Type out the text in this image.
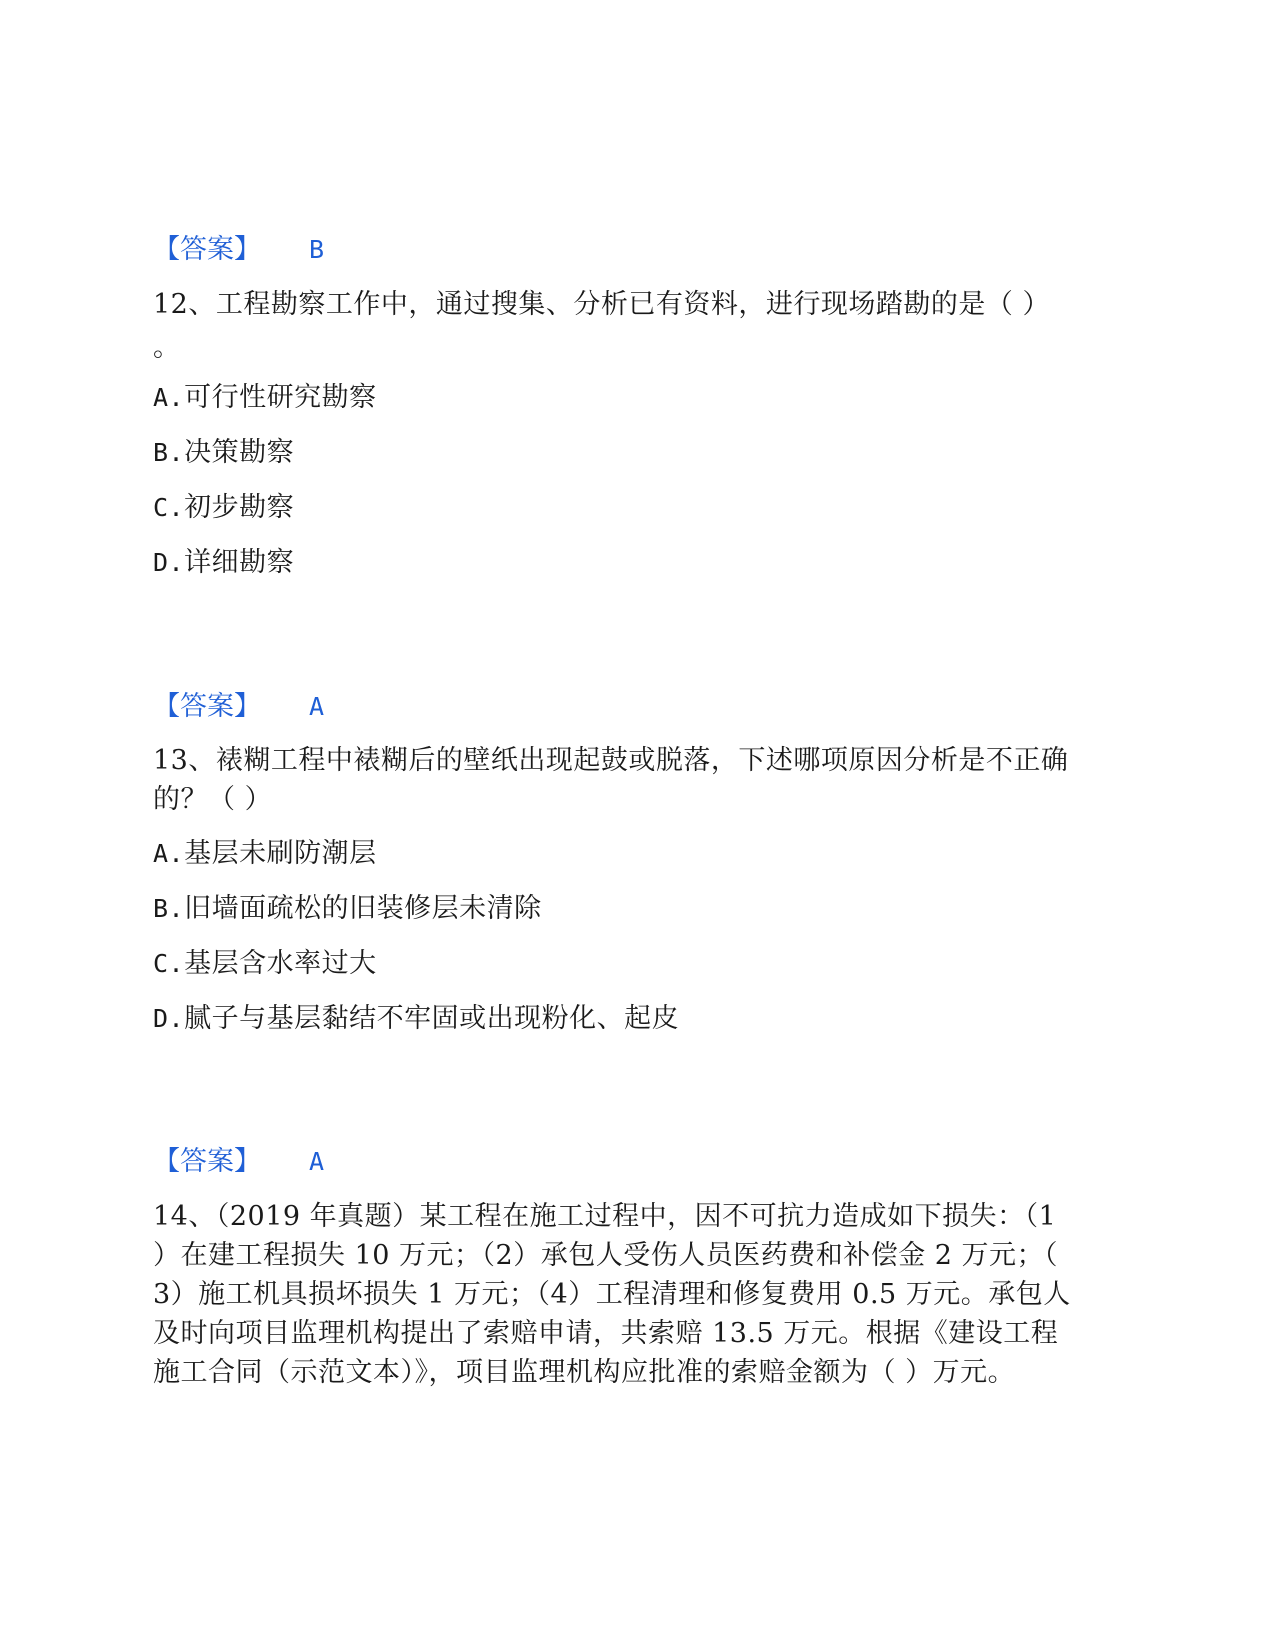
【答案】 B
12、工程勘察工作中，通过搜集、分析已有资料，进行现场踏勘的是（ ）
。
A.可行性研究勘察
B.决策勘察
C.初步勘察
D.详细勘察
【答案】 A
13、裱糊工程中裱糊后的壁纸出现起鼓或脱落，下述哪项原因分析是不正确
的？（ ）
A.基层未刷防潮层
B.旧墙面疏松的旧装修层未清除
C.基层含水率过大
D.腻子与基层黏结不牢固或出现粉化、起皮
【答案】 A
14、（2019 年真题）某工程在施工过程中，因不可抗力造成如下损失：（1
）在建工程损失 10 万元；（2）承包人受伤人员医药费和补偿金 2 万元；（
3）施工机具损坏损失 1 万元；（4）工程清理和修复费用 0.5 万元。承包人
及时向项目监理机构提出了索赔申请，共索赔 13.5 万元。根据《建设工程
施工合同（示范文本）》，项目监理机构应批准的索赔金额为（ ）万元。
